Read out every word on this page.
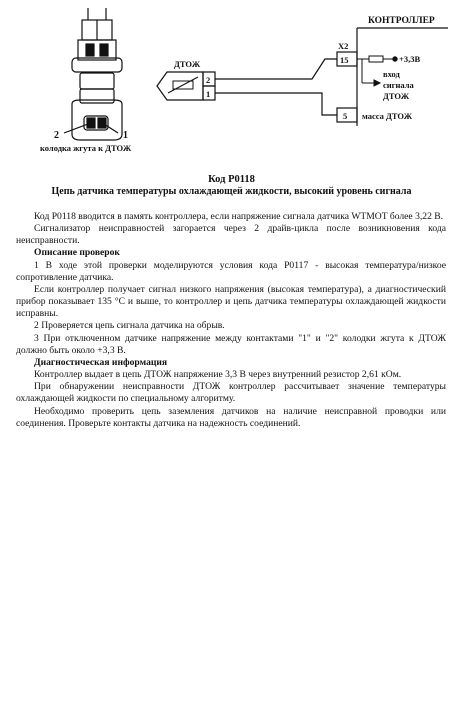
2	1
колодка жгута к ДТОЖ
КОНТРОЛЛЕР
X2
15
5
+3,3В
вход
сигнала
ДТОЖ
масса ДТОЖ
ДТОЖ
2
1
Код P0118
Цепь датчика температуры охлаждающей жидкости, высокий уровень сигнала

Код P0118 вводится в память контроллера, если напряжение сигнала датчика WTMOT более 3,22 В.

Сигнализатор неисправностей загорается через 2 драйв-цикла после возникновения кода неисправности.

Описание проверок

1 В ходе этой проверки моделируются условия кода P0117 - высокая температура/низкое сопротивление датчика.

Если контроллер получает сигнал низкого напряжения (высокая температура), а диагностический прибор показывает 135 °С и выше, то контроллер и цепь датчика температуры охлаждающей жидкости исправны.

2 Проверяется цепь сигнала датчика на обрыв.

3 При отключенном датчике напряжение между контактами "1" и "2" колодки жгута к ДТОЖ должно быть около +3,3 В.

Диагностическая информация

Контроллер выдает в цепь ДТОЖ напряжение 3,3 В через внутренний резистор 2,61 кОм.

При обнаружении неисправности ДТОЖ контроллер рассчитывает значение температуры охлаждающей жидкости по специальному алгоритму.

Необходимо проверить цепь заземления датчиков на наличие неисправной проводки или соединения. Проверьте контакты датчика на надежность соединений.
